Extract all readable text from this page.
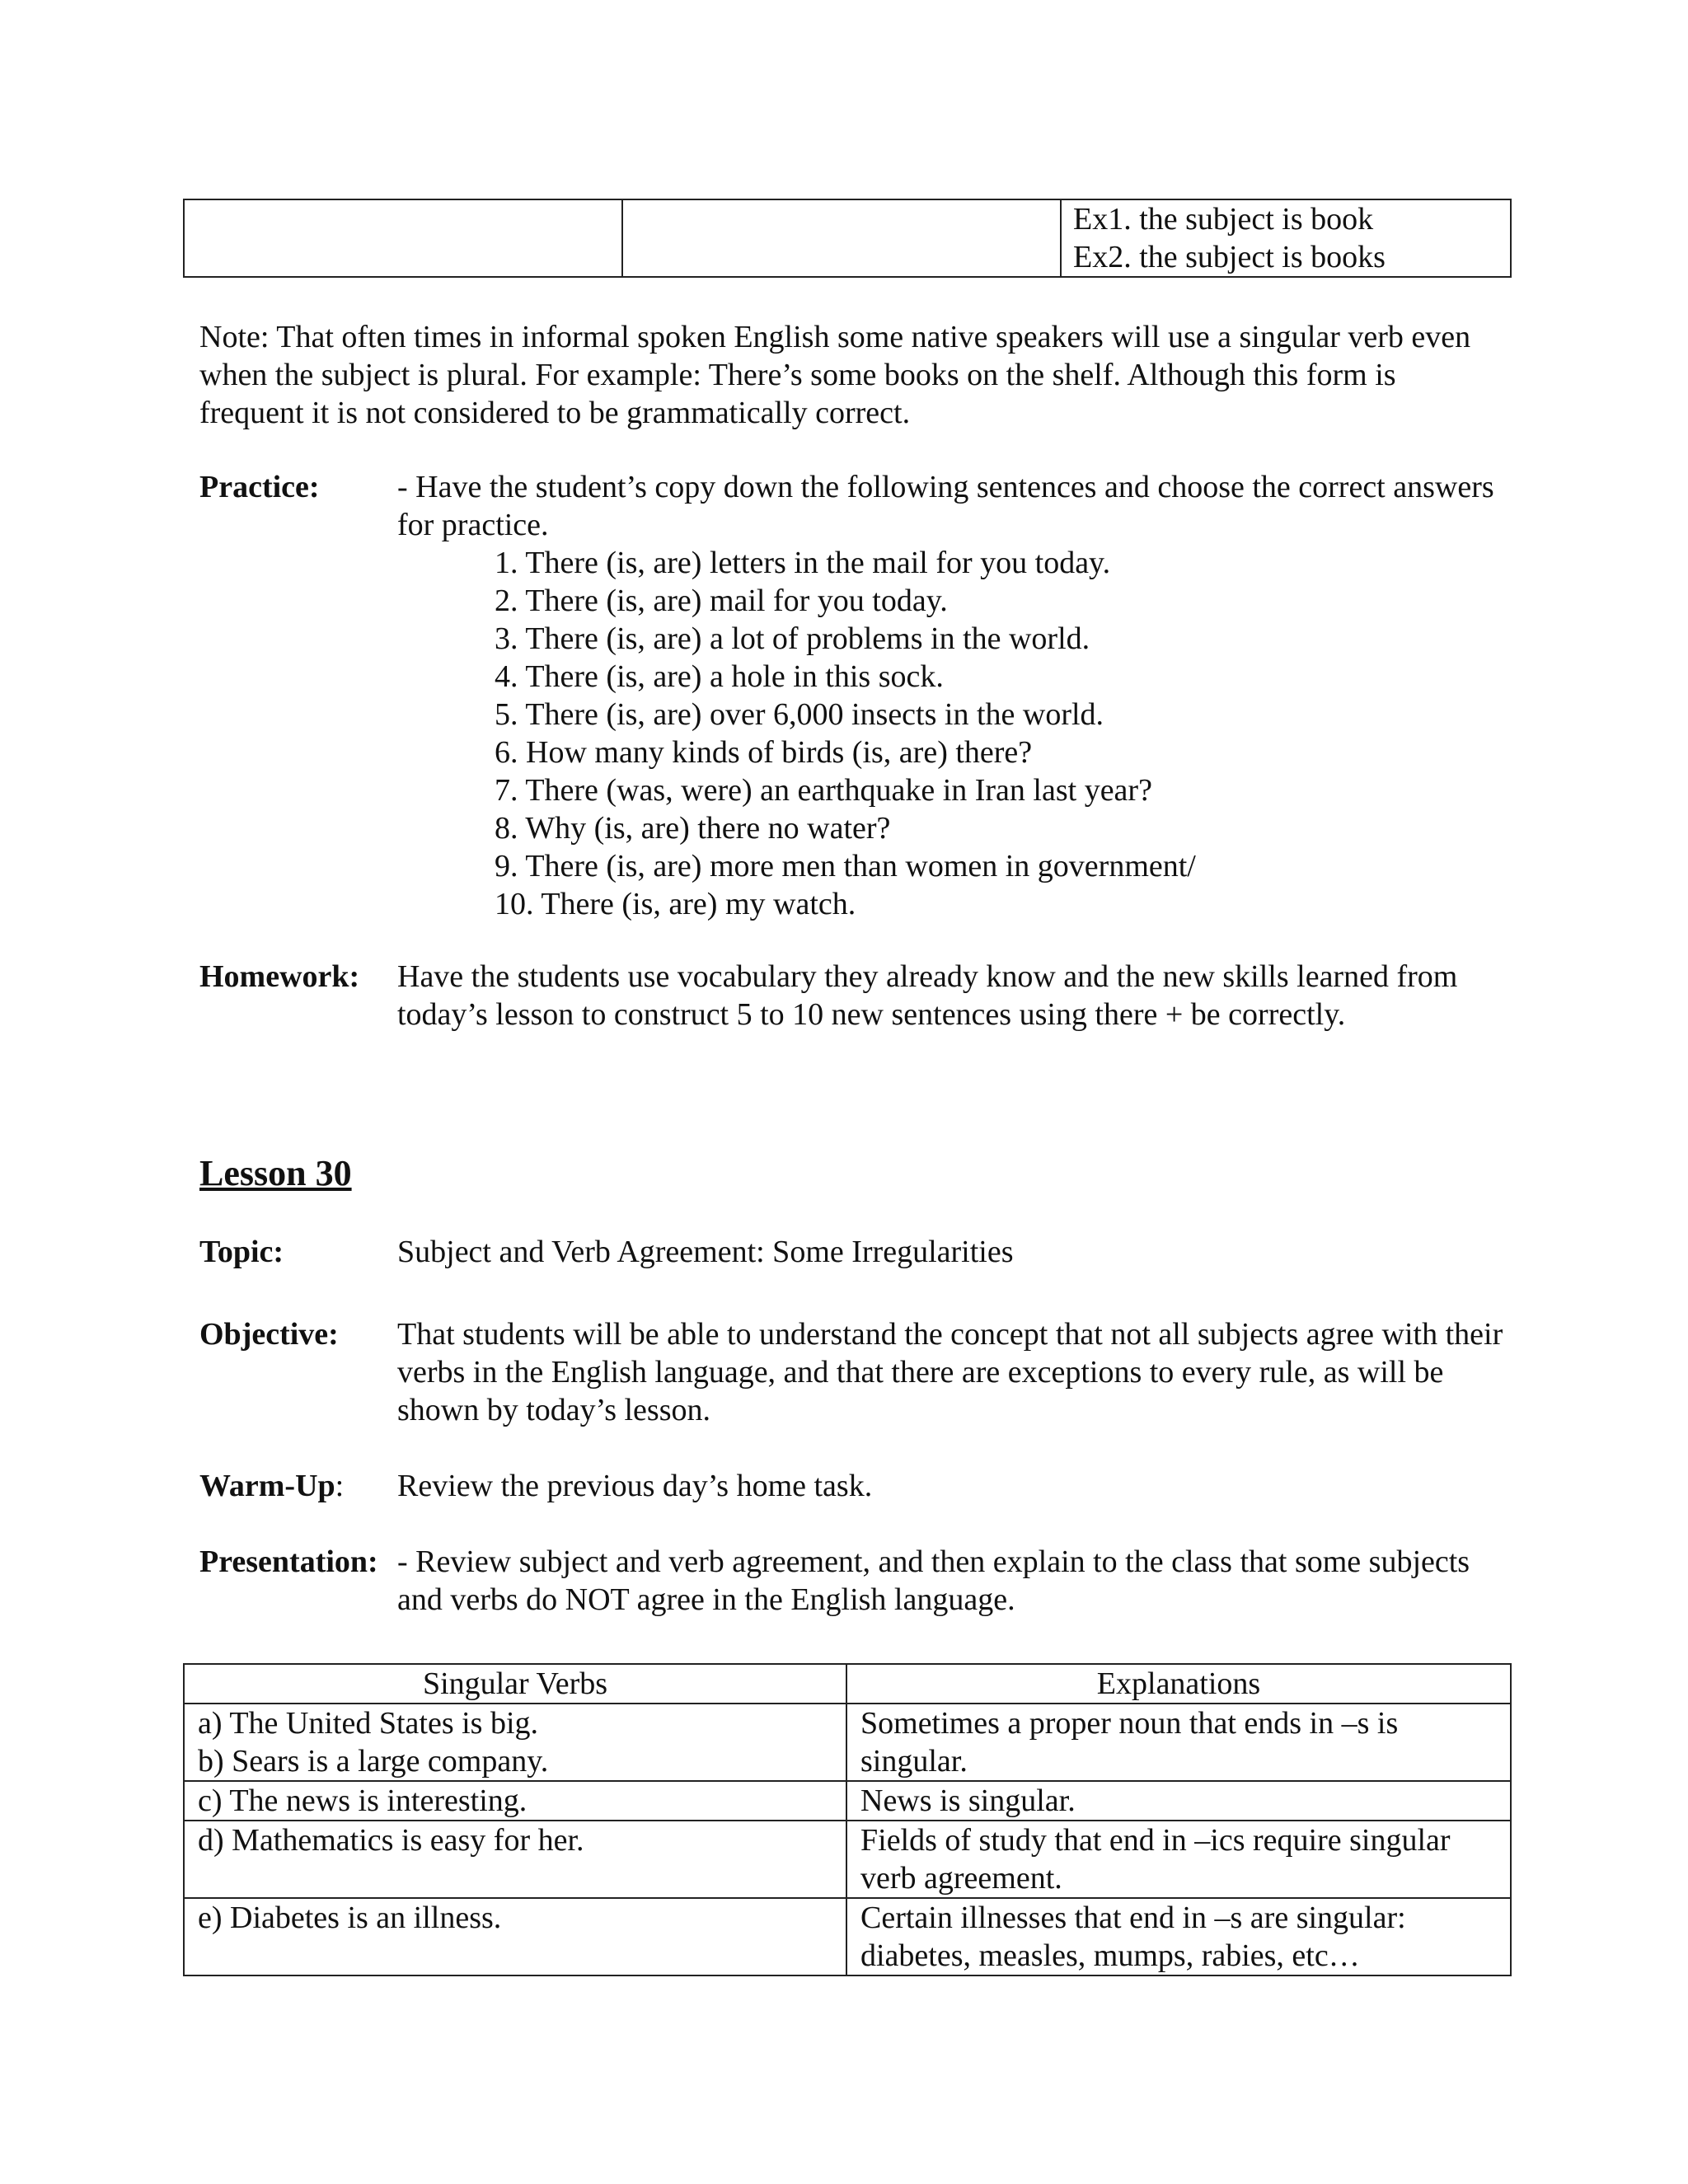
		Ex1. the subject is book
Ex2. the subject is books
Note: That often times in informal spoken English some native speakers will use a singular verb even when the subject is plural. For example: There’s some books on the shelf. Although this form is frequent it is not considered to be grammatically correct.
Practice: - Have the student’s copy down the following sentences and choose the correct answers for practice.
1. There (is, are) letters in the mail for you today.
2. There (is, are) mail for you today.
3. There (is, are) a lot of problems in the world.
4. There (is, are) a hole in this sock.
5. There (is, are) over 6,000 insects in the world.
6. How many kinds of birds (is, are) there?
7. There (was, were) an earthquake in Iran last year?
8. Why (is, are) there no water?
9. There (is, are) more men than women in government/
10. There (is, are) my watch.
Homework: Have the students use vocabulary they already know and the new skills learned from today’s lesson to construct 5 to 10 new sentences using there + be correctly.
Lesson 30
Topic:	Subject and Verb Agreement: Some Irregularities
Objective: That students will be able to understand the concept that not all subjects agree with their verbs in the English language, and that there are exceptions to every rule, as will be shown by today’s lesson.
Warm-Up: Review the previous day’s home task.
Presentation: - Review subject and verb agreement, and then explain to the class that some subjects and verbs do NOT agree in the English language.
Singular Verbs	Explanations
a) The United States is big.
b) Sears is a large company.	Sometimes a proper noun that ends in –s is singular.
c) The news is interesting.	News is singular.
d) Mathematics is easy for her.	Fields of study that end in –ics require singular verb agreement.
e) Diabetes is an illness.	Certain illnesses that end in –s are singular: diabetes, measles, mumps, rabies, etc…
